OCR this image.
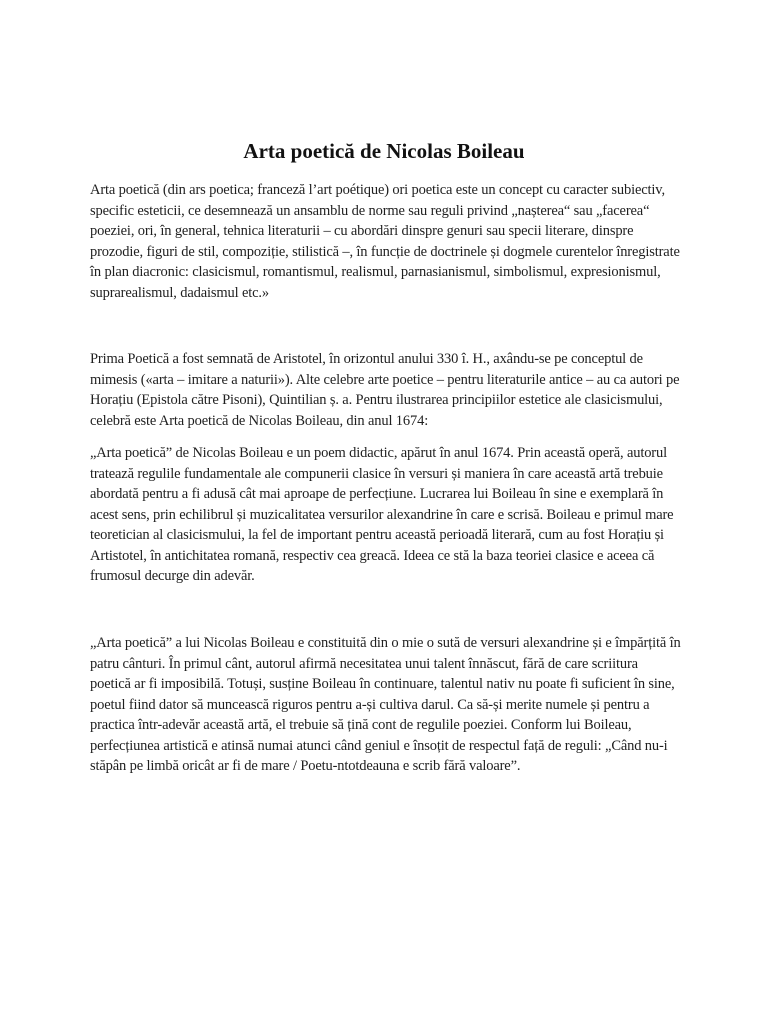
Arta poetică de Nicolas Boileau

Arta poetică (din ars poetica; franceză l’art poétique) ori poetica este un concept cu caracter subiectiv, specific esteticii, ce desemnează un ansamblu de norme sau reguli privind „nașterea“ sau „facerea“ poeziei, ori, în general, tehnica literaturii – cu abordări dinspre genuri sau specii literare, dinspre prozodie, figuri de stil, compoziție, stilistică –, în funcție de doctrinele și dogmele curentelor înregistrate în plan diacronic: clasicismul, romantismul, realismul, parnasianismul, simbolismul, expresionismul, suprarealismul, dadaismul etc.»

Prima Poetică a fost semnată de Aristotel, în orizontul anului 330 î. H., axându-se pe conceptul de mimesis («arta – imitare a naturii»). Alte celebre arte poetice – pentru literaturile antice – au ca autori pe Horațiu (Epistola către Pisoni), Quintilian ș. a. Pentru ilustrarea principiilor estetice ale clasicismului, celebră este Arta poetică de Nicolas Boileau, din anul 1674:

„Arta poetică” de Nicolas Boileau e un poem didactic, apărut în anul 1674. Prin această operă, autorul tratează regulile fundamentale ale compunerii clasice în versuri și maniera în care această artă trebuie abordată pentru a fi adusă cât mai aproape de perfecțiune. Lucrarea lui Boileau în sine e exemplară în acest sens, prin echilibrul și muzicalitatea versurilor alexandrine în care e scrisă. Boileau e primul mare teoretician al clasicismului, la fel de important pentru această perioadă literară, cum au fost Horațiu și Artistotel, în antichitatea romană, respectiv cea greacă. Ideea ce stă la baza teoriei clasice e aceea că frumosul decurge din adevăr.

„Arta poetică” a lui Nicolas Boileau e constituită din o mie o sută de versuri alexandrine și e împărțită în patru cânturi. În primul cânt, autorul afirmă necesitatea unui talent înnăscut, fără de care scriitura poetică ar fi imposibilă. Totuși, susține Boileau în continuare, talentul nativ nu poate fi suficient în sine, poetul fiind dator să muncească riguros pentru a-și cultiva darul. Ca să-și merite numele și pentru a practica într-adevăr această artă, el trebuie să țină cont de regulile poeziei. Conform lui Boileau, perfecțiunea artistică e atinsă numai atunci când geniul e însoțit de respectul față de reguli: „Când nu-i stăpân pe limbă oricât ar fi de mare / Poetu-ntotdeauna e scrib fără valoare”.
